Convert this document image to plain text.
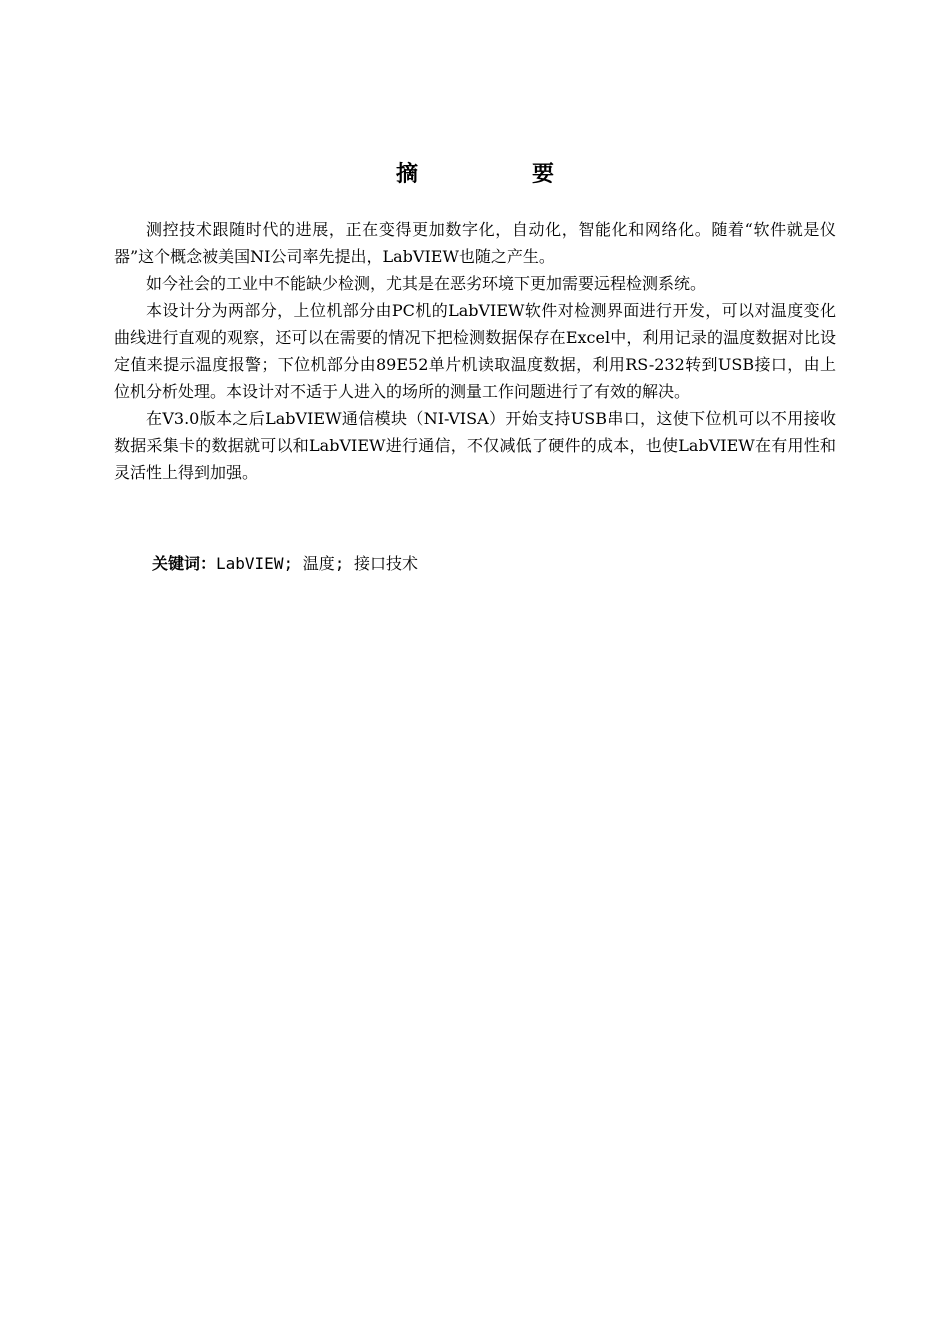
摘　要

测控技术跟随时代的进展，正在变得更加数字化，自动化，智能化和网络化。随着“软件就是仪器”这个概念被美国NI公司率先提出，LabVIEW也随之产生。

如今社会的工业中不能缺少检测，尤其是在恶劣环境下更加需要远程检测系统。

本设计分为两部分，上位机部分由PC机的LabVIEW软件对检测界面进行开发，可以对温度变化曲线进行直观的观察，还可以在需要的情况下把检测数据保存在Excel中，利用记录的温度数据对比设定值来提示温度报警；下位机部分由89E52单片机读取温度数据，利用RS-232转到USB接口，由上位机分析处理。本设计对不适于人进入的场所的测量工作问题进行了有效的解决。

在V3.0版本之后LabVIEW通信模块（NI-VISA）开始支持USB串口，这使下位机可以不用接收数据采集卡的数据就可以和LabVIEW进行通信，不仅减低了硬件的成本，也使LabVIEW在有用性和灵活性上得到加强。

关键词：LabVIEW; 温度; 接口技术
